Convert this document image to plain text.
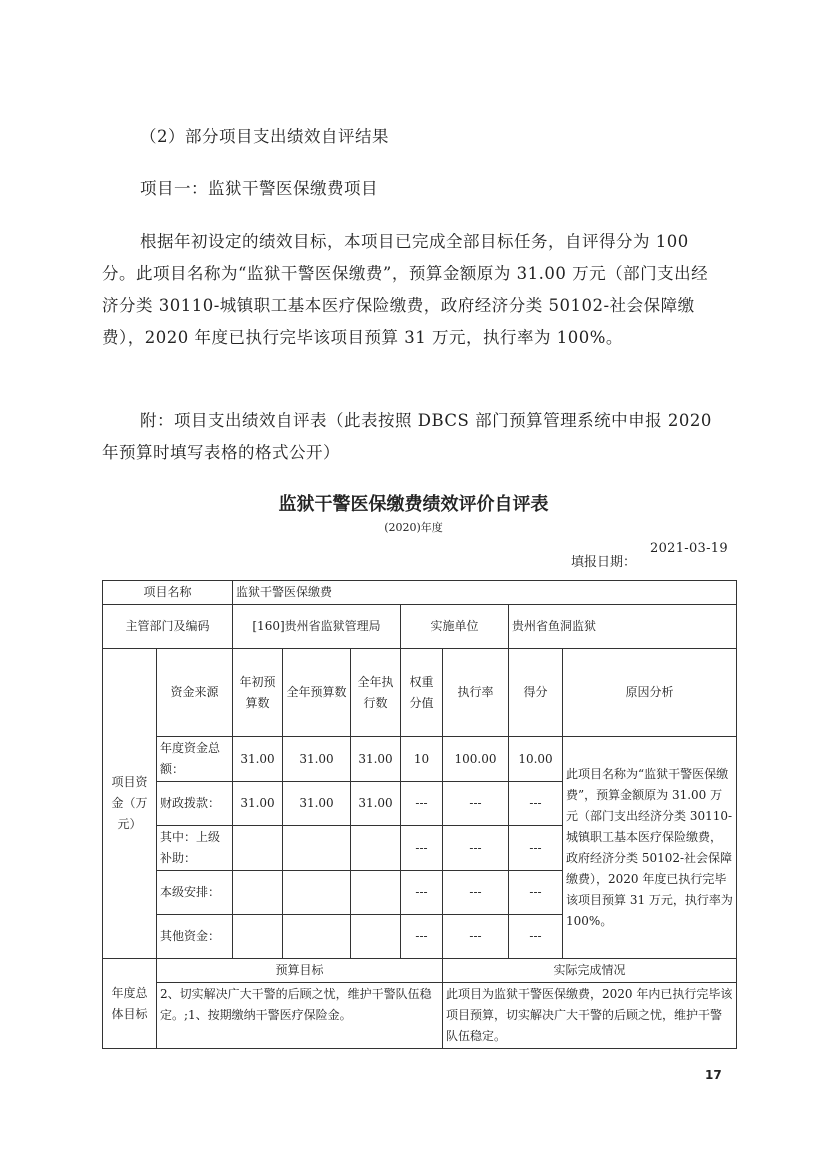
（2）部分项目支出绩效自评结果

项目一：监狱干警医保缴费项目

根据年初设定的绩效目标，本项目已完成全部目标任务，自评得分为 100 分。此项目名称为“监狱干警医保缴费”，预算金额原为 31.00 万元（部门支出经济分类 30110-城镇职工基本医疗保险缴费，政府经济分类 50102-社会保障缴费），2020 年度已执行完毕该项目预算 31 万元，执行率为 100%。

附：项目支出绩效自评表（此表按照 DBCS 部门预算管理系统中申报 2020 年预算时填写表格的格式公开）

监狱干警医保缴费绩效评价自评表
(2020)年度
填报日期：
2021-03-19
项目名称		监狱干警医保缴费						
主管部门及编码		[160]贵州省监狱管理局			实施单位		贵州省鱼洞监狱	
项目资金（万元）	资金来源	年初预算数	全年预算数	全年执行数	权重分值	执行率	得分	原因分析
	年度资金总额：	31.00	31.00	31.00	10	100.00	10.00	此项目名称为“监狱干警医保缴费”，预算金额原为 31.00 万元（部门支出经济分类 30110-城镇职工基本医疗保险缴费，政府经济分类 50102-社会保障缴费），2020 年度已执行完毕该项目预算 31 万元，执行率为 100%。
	财政拨款：	31.00	31.00	31.00	---	---	---	
	其中：上级补助：				---	---	---	
	本级安排：				---	---	---	
	其他资金：				---	---	---	
年度总体目标	预算目标					实际完成情况		
	2、切实解决广大干警的后顾之忧，维护干警队伍稳定。;1、按期缴纳干警医疗保险金。					此项目为监狱干警医保缴费，2020 年内已执行完毕该项目预算，切实解决广大干警的后顾之忧，维护干警队伍稳定。		
17
